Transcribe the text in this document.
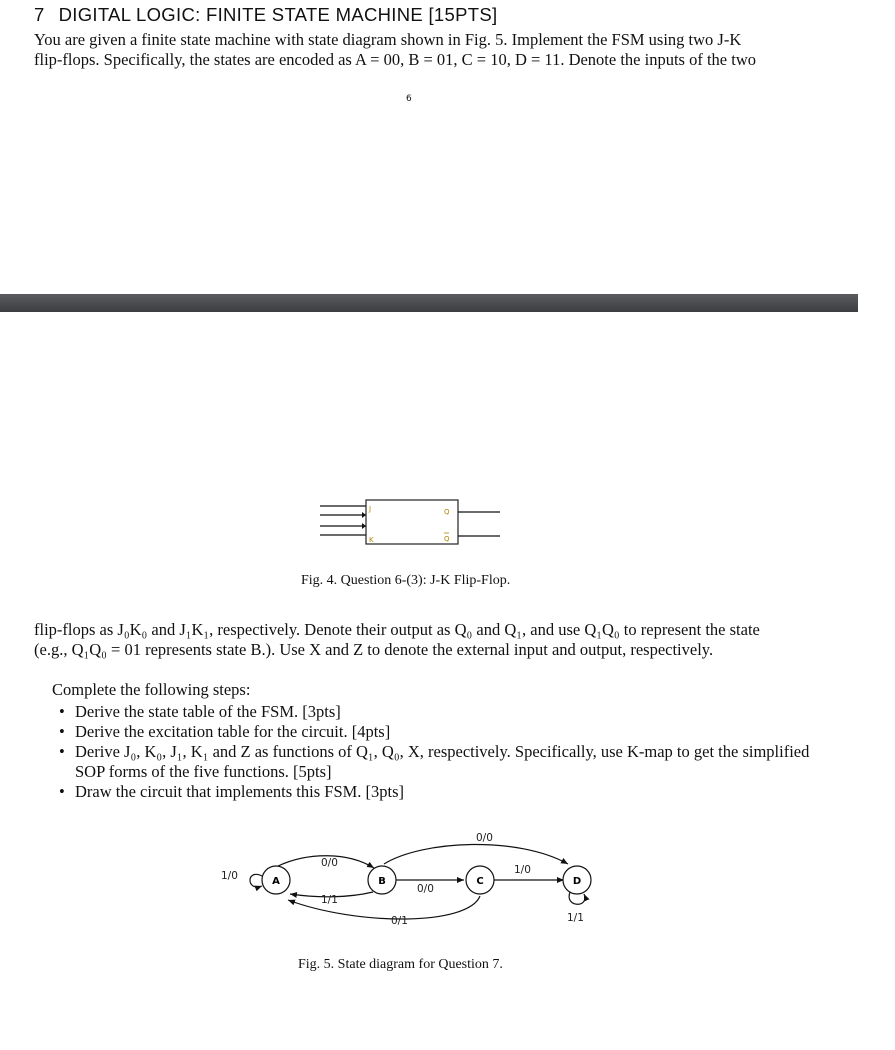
7 DIGITAL LOGIC: FINITE STATE MACHINE [15PTS]
You are given a finite state machine with state diagram shown in Fig. 5. Implement the FSM using two J-K
flip-flops. Specifically, the states are encoded as A = 00, B = 01, C = 10, D = 11. Denote the inputs of the two
6
J
K
Q
Q
Fig. 4. Question 6-(3): J-K Flip-Flop.
flip-flops as J₀K₀ and J₁K₁, respectively. Denote their output as Q₀ and Q₁, and use Q₁Q₀ to represent the state
(e.g., Q₁Q₀ = 01 represents state B.). Use X and Z to denote the external input and output, respectively.
Complete the following steps:
• Derive the state table of the FSM. [3pts]
• Derive the excitation table for the circuit. [4pts]
• Derive J₀, K₀, J₁, K₁ and Z as functions of Q₁, Q₀, X, respectively. Specifically, use K-map to get the simplified SOP forms of the five functions. [5pts]
• Draw the circuit that implements this FSM. [3pts]
A	B	C	D
1/0
0/0
1/1
0/0
1/0
0/0
0/1	1/1
Fig. 5. State diagram for Question 7.
